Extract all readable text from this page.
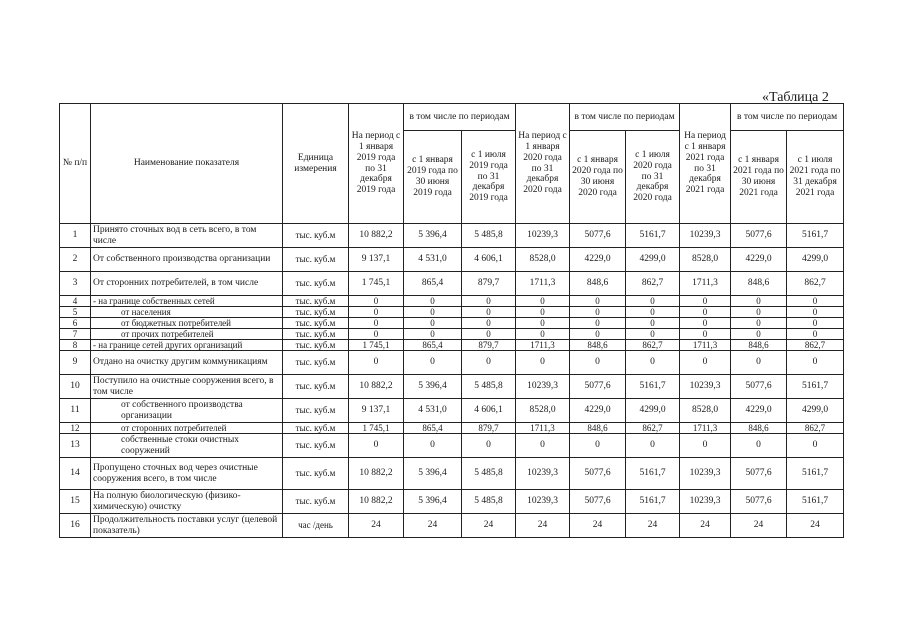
«Таблица 2
№ п/п	Наименование показателя	Единица измерения	На период с 1 января 2019 года по 31 декабря 2019 года	в том числе по периодам		На период с 1 января 2020 года по 31 декабря 2020 года	в том числе по периодам		На период с 1 января 2021 года по 31 декабря 2021 года	в том числе по периодам	
				с 1 января 2019 года по 30 июня 2019 года	с 1 июля 2019 года по 31 декабря 2019 года		с 1 января 2020 года по 30 июня 2020 года	с 1 июля 2020 года по 31 декабря 2020 года		с 1 января 2021 года по 30 июня 2021 года	с 1 июля 2021 года по 31 декабря 2021 года
1	Принято сточных вод в сеть всего, в том числе	тыс. куб.м	10 882,2	5 396,4	5 485,8	10239,3	5077,6	5161,7	10239,3	5077,6	5161,7
2	От собственного производства организации	тыс. куб.м	9 137,1	4 531,0	4 606,1	8528,0	4229,0	4299,0	8528,0	4229,0	4299,0
3	От сторонних потребителей, в том числе	тыс. куб.м	1 745,1	865,4	879,7	1711,3	848,6	862,7	1711,3	848,6	862,7
4	- на границе собственных сетей	тыс. куб.м	0	0	0	0	0	0	0	0	0
5	от населения	тыс. куб.м	0	0	0	0	0	0	0	0	0
6	от бюджетных потребителей	тыс. куб.м	0	0	0	0	0	0	0	0	0
7	от прочих потребителей	тыс. куб.м	0	0	0	0	0	0	0	0	0
8	- на границе сетей других организаций	тыс. куб.м	1 745,1	865,4	879,7	1711,3	848,6	862,7	1711,3	848,6	862,7
9	Отдано на очистку другим коммуникациям	тыс. куб.м	0	0	0	0	0	0	0	0	0
10	Поступило на очистные сооружения всего, в том числе	тыс. куб.м	10 882,2	5 396,4	5 485,8	10239,3	5077,6	5161,7	10239,3	5077,6	5161,7
11	от собственного производства организации	тыс. куб.м	9 137,1	4 531,0	4 606,1	8528,0	4229,0	4299,0	8528,0	4229,0	4299,0
12	от сторонних потребителей	тыс. куб.м	1 745,1	865,4	879,7	1711,3	848,6	862,7	1711,3	848,6	862,7
13	собственные стоки очистных сооружений	тыс. куб.м	0	0	0	0	0	0	0	0	0
14	Пропущено сточных вод через очистные сооружения всего, в том числе	тыс. куб.м	10 882,2	5 396,4	5 485,8	10239,3	5077,6	5161,7	10239,3	5077,6	5161,7
15	На полную биологическую (физико-химическую) очистку	тыс. куб.м	10 882,2	5 396,4	5 485,8	10239,3	5077,6	5161,7	10239,3	5077,6	5161,7
16	Продолжительность поставки услуг (целевой показатель)	час /день	24	24	24	24	24	24	24	24	24
